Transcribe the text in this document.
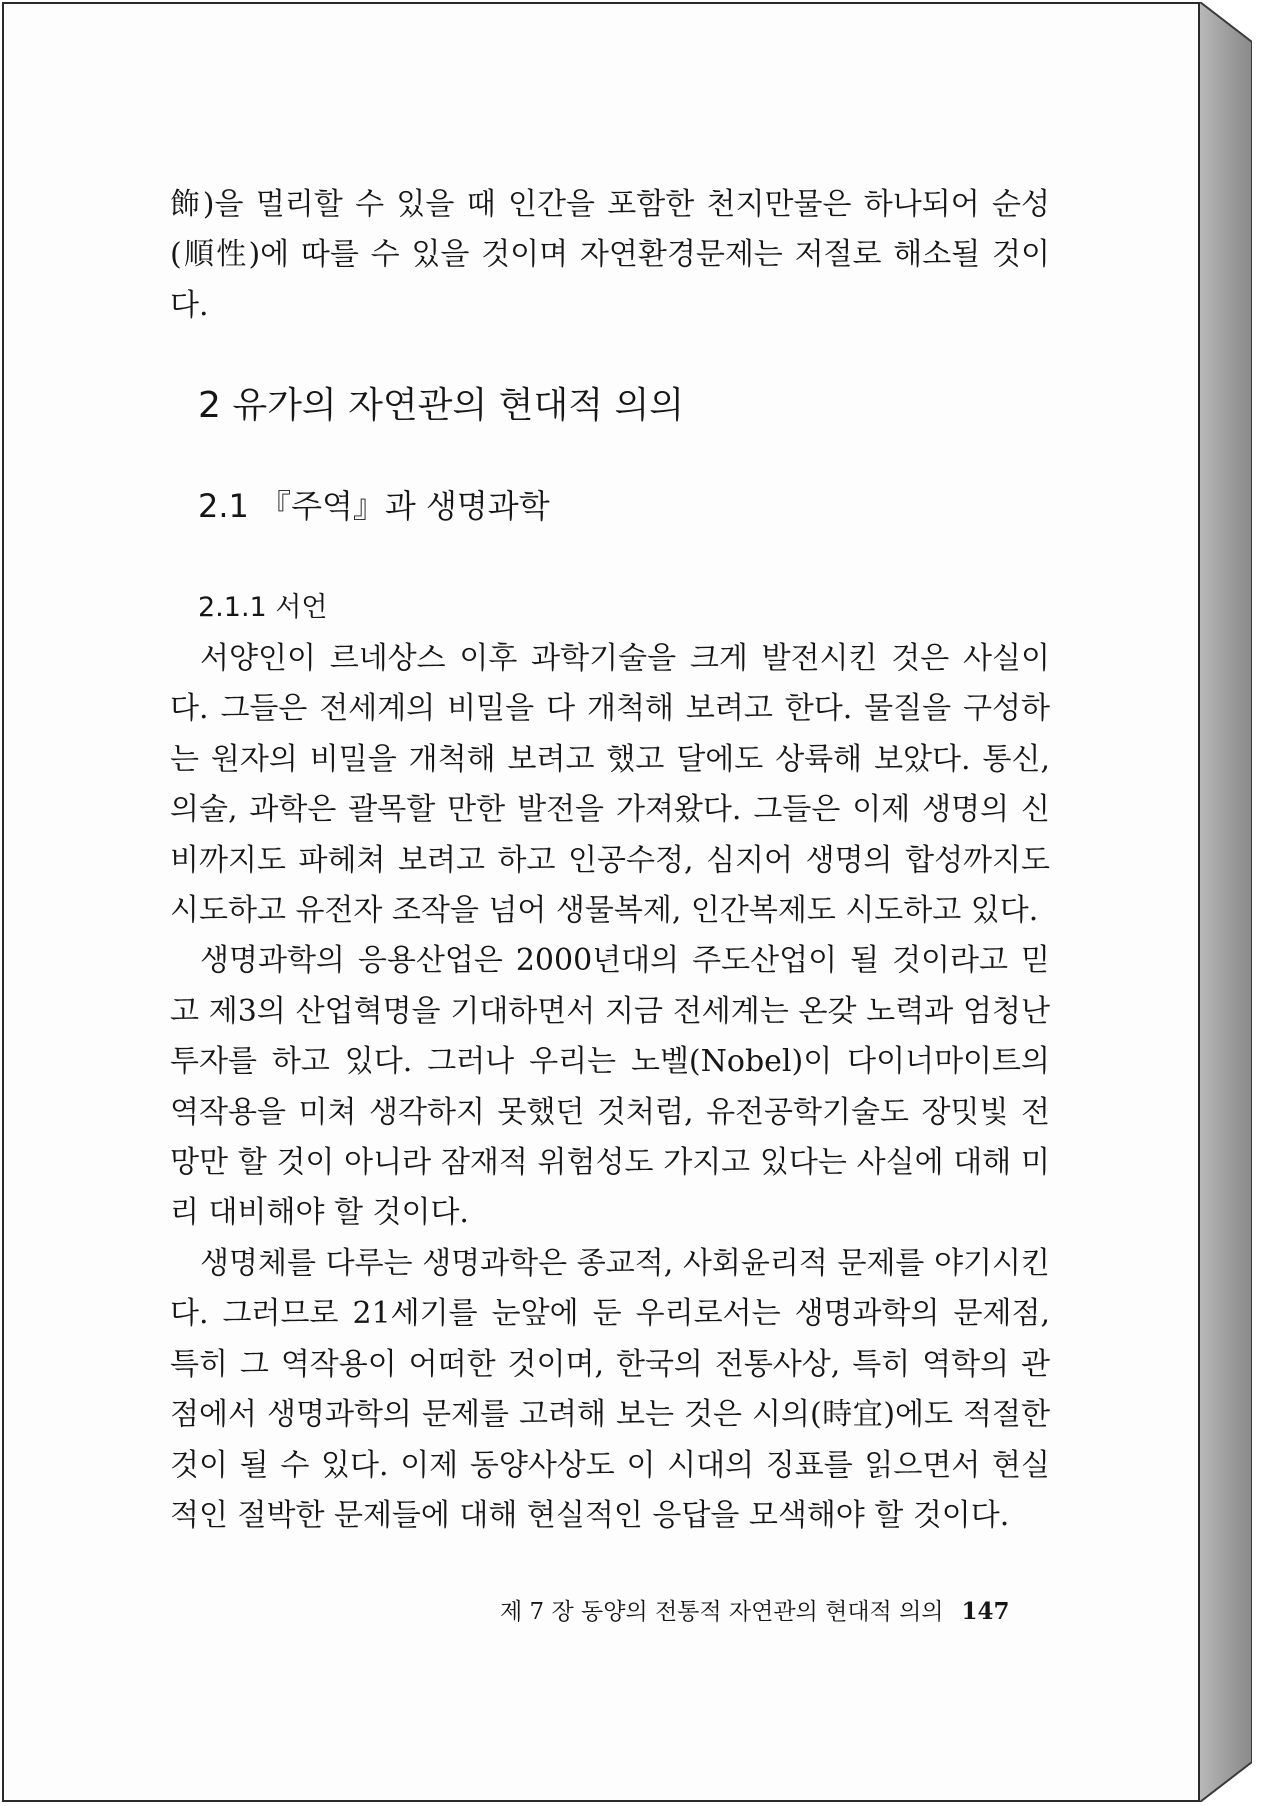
飾)을 멀리할 수 있을 때 인간을 포함한 천지만물은 하나되어 순성(順性)에 따를 수 있을 것이며 자연환경문제는 저절로 해소될 것이다.

2 유가의 자연관의 현대적 의의
2.1 『주역』과 생명과학
2.1.1 서언

서양인이 르네상스 이후 과학기술을 크게 발전시킨 것은 사실이다. 그들은 전세계의 비밀을 다 개척해 보려고 한다. 물질을 구성하는 원자의 비밀을 개척해 보려고 했고 달에도 상륙해 보았다. 통신, 의술, 과학은 괄목할 만한 발전을 가져왔다. 그들은 이제 생명의 신비까지도 파헤쳐 보려고 하고 인공수정, 심지어 생명의 합성까지도 시도하고 유전자 조작을 넘어 생물복제, 인간복제도 시도하고 있다.

생명과학의 응용산업은 2000년대의 주도산업이 될 것이라고 믿고 제3의 산업혁명을 기대하면서 지금 전세계는 온갖 노력과 엄청난 투자를 하고 있다. 그러나 우리는 노벨(Nobel)이 다이너마이트의 역작용을 미쳐 생각하지 못했던 것처럼, 유전공학기술도 장밋빛 전망만 할 것이 아니라 잠재적 위험성도 가지고 있다는 사실에 대해 미리 대비해야 할 것이다.

생명체를 다루는 생명과학은 종교적, 사회윤리적 문제를 야기시킨다. 그러므로 21세기를 눈앞에 둔 우리로서는 생명과학의 문제점, 특히 그 역작용이 어떠한 것이며, 한국의 전통사상, 특히 역학의 관점에서 생명과학의 문제를 고려해 보는 것은 시의(時宜)에도 적절한 것이 될 수 있다. 이제 동양사상도 이 시대의 징표를 읽으면서 현실적인 절박한 문제들에 대해 현실적인 응답을 모색해야 할 것이다.

제 7 장 동양의 전통적 자연관의 현대적 의의 147
